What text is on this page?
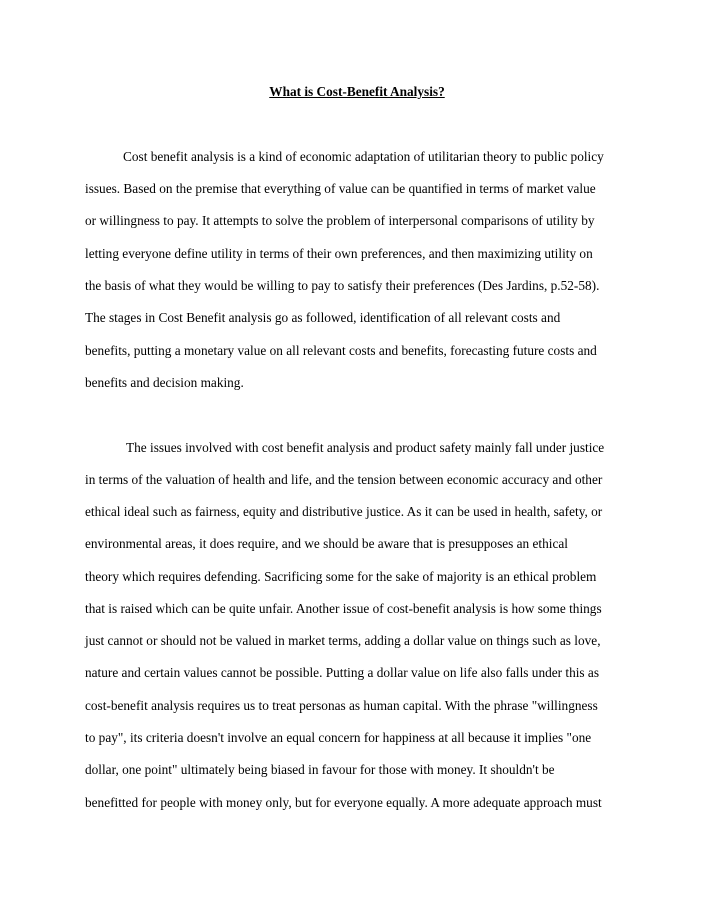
What is Cost-Benefit Analysis?
Cost benefit analysis is a kind of economic adaptation of utilitarian theory to public policy
issues. Based on the premise that everything of value can be quantified in terms of market value
or willingness to pay. It attempts to solve the problem of interpersonal comparisons of utility by
letting everyone define utility in terms of their own preferences, and then maximizing utility on
the basis of what they would be willing to pay to satisfy their preferences (Des Jardins, p.52-58).
The stages in Cost Benefit analysis go as followed, identification of all relevant costs and
benefits, putting a monetary value on all relevant costs and benefits, forecasting future costs and
benefits and decision making.
The issues involved with cost benefit analysis and product safety mainly fall under justice
in terms of the valuation of health and life, and the tension between economic accuracy and other
ethical ideal such as fairness, equity and distributive justice. As it can be used in health, safety, or
environmental areas, it does require, and we should be aware that is presupposes an ethical
theory which requires defending. Sacrificing some for the sake of majority is an ethical problem
that is raised which can be quite unfair. Another issue of cost-benefit analysis is how some things
just cannot or should not be valued in market terms, adding a dollar value on things such as love,
nature and certain values cannot be possible. Putting a dollar value on life also falls under this as
cost-benefit analysis requires us to treat personas as human capital. With the phrase "willingness
to pay", its criteria doesn't involve an equal concern for happiness at all because it implies "one
dollar, one point" ultimately being biased in favour for those with money. It shouldn't be
benefitted for people with money only, but for everyone equally. A more adequate approach must
